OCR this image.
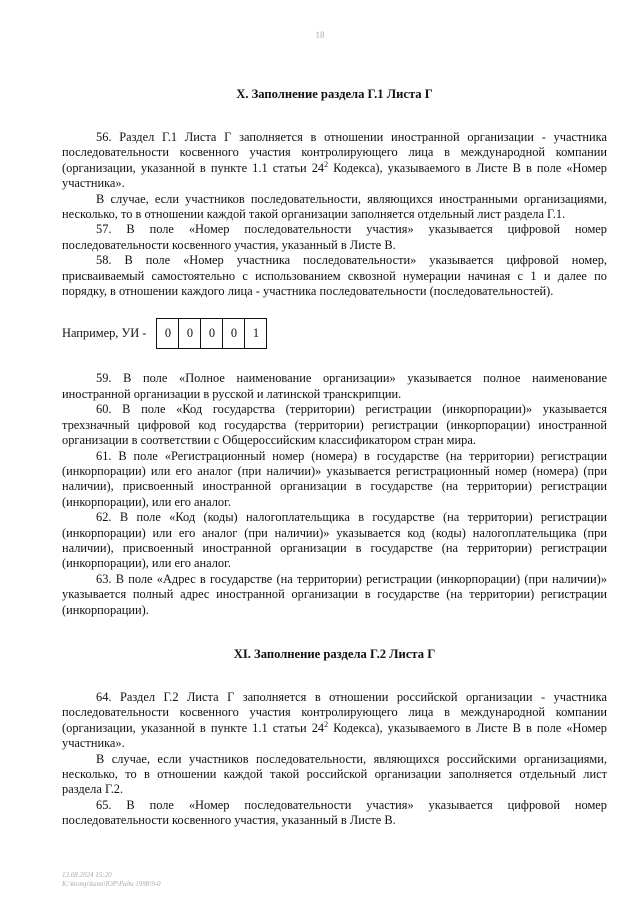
18
X. Заполнение раздела Г.1 Листа Г

56. Раздел Г.1 Листа Г заполняется в отношении иностранной организации - участника последовательности косвенного участия контролирующего лица в международной компании (организации, указанной в пункте 1.1 статьи $24^2$ Кодекса), указываемого в Листе В в поле «Номер участника».

В случае, если участников последовательности, являющихся иностранными организациями, несколько, то в отношении каждой такой организации заполняется отдельный лист раздела Г.1.

57. В поле «Номер последовательности участия» указывается цифровой номер последовательности косвенного участия, указанный в Листе В.

58. В поле «Номер участника последовательности» указывается цифровой номер, присваиваемый самостоятельно с использованием сквозной нумерации начиная с 1 и далее по порядку, в отношении каждого лица - участника последовательности (последовательностей).

Например, УИ -	0	0	0	0	1

59. В поле «Полное наименование организации» указывается полное наименование иностранной организации в русской и латинской транскрипции.

60. В поле «Код государства (территории) регистрации (инкорпорации)» указывается трехзначный цифровой код государства (территории) регистрации (инкорпорации) иностранной организации в соответствии с Общероссийским классификатором стран мира.

61. В поле «Регистрационный номер (номера) в государстве (на территории) регистрации (инкорпорации) или его аналог (при наличии)» указывается регистрационный номер (номера) (при наличии), присвоенный иностранной организации в государстве (на территории) регистрации (инкорпорации), или его аналог.

62. В поле «Код (коды) налогоплательщика в государстве (на территории) регистрации (инкорпорации) или его аналог (при наличии)» указывается код (коды) налогоплательщика (при наличии), присвоенный иностранной организации в государстве (на территории) регистрации (инкорпорации), или его аналог.

63. В поле «Адрес в государстве (на территории) регистрации (инкорпорации) (при наличии)» указывается полный адрес иностранной организации в государстве (на территории) регистрации (инкорпорации).

XI. Заполнение раздела Г.2 Листа Г

64. Раздел Г.2 Листа Г заполняется в отношении российской организации - участника последовательности косвенного участия контролирующего лица в международной компании (организации, указанной в пункте 1.1 статьи $24^2$ Кодекса), указываемого в Листе В в поле «Номер участника».

В случае, если участников последовательности, являющихся российскими организациями, несколько, то в отношении каждой такой российской организации заполняется отдельный лист раздела Г.2.

65. В поле «Номер последовательности участия» указывается цифровой номер последовательности косвенного участия, указанный в Листе В.

13.08.2024 15:20
К:\ktomp\kami\ЮР\Ради 1998\9-0
